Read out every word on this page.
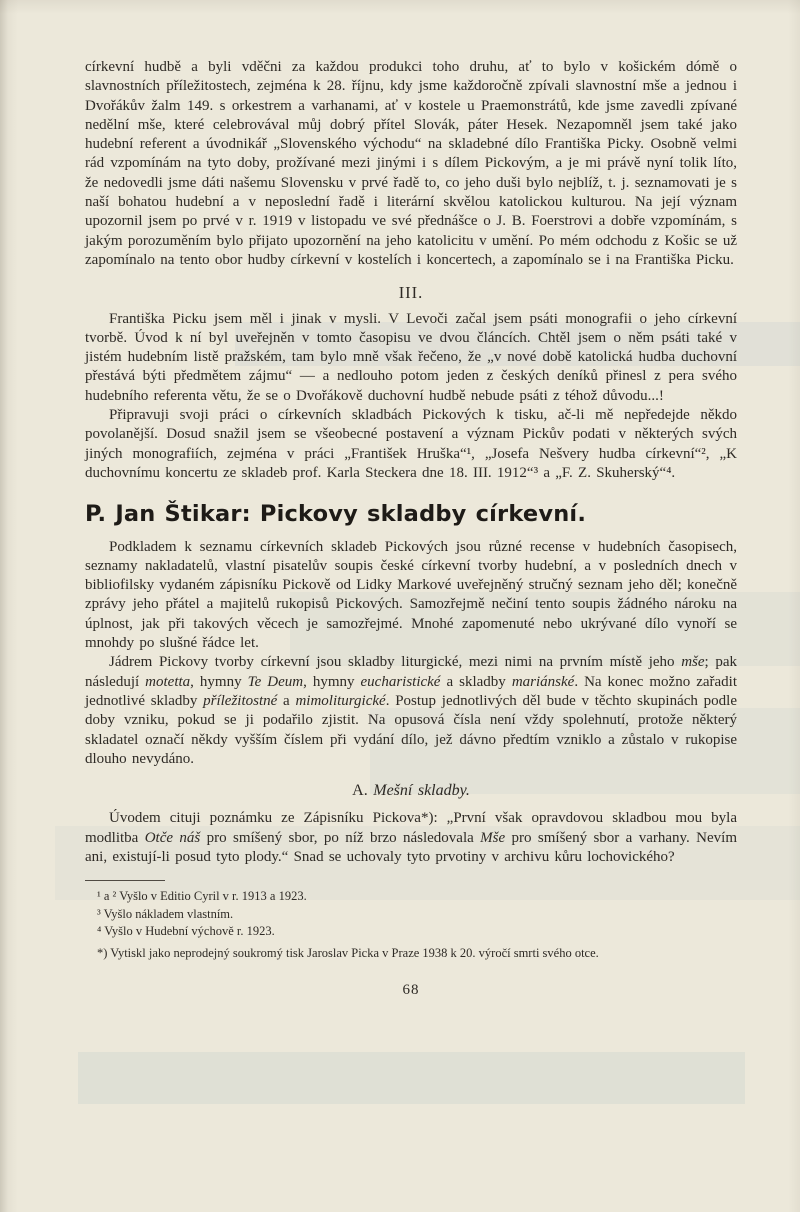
církevní hudbě a byli vděčni za každou produkci toho druhu, ať to bylo v košickém dómě o slavnostních příležitostech, zejména k 28. říjnu, kdy jsme každoročně zpívali slavnostní mše a jednou i Dvořákův žalm 149. s orkestrem a varhanami, ať v kostele u Praemonstrátů, kde jsme zavedli zpívané nedělní mše, které celebrovával můj dobrý přítel Slovák, páter Hesek. Nezapomněl jsem také jako hudební referent a úvodnikář „Slovenského východu“ na skladebné dílo Františka Picky. Osobně velmi rád vzpomínám na tyto doby, prožívané mezi jinými i s dílem Pickovým, a je mi právě nyní tolik líto, že nedovedli jsme dáti našemu Slovensku v prvé řadě to, co jeho duši bylo nejblíž, t. j. seznamovati je s naší bohatou hudební a v neposlední řadě i literární skvělou katolickou kulturou. Na její význam upozornil jsem po prvé v r. 1919 v listopadu ve své přednášce o J. B. Foerstrovi a dobře vzpomínám, s jakým porozuměním bylo přijato upozornění na jeho katolicitu v umění. Po mém odchodu z Košic se už zapomínalo na tento obor hudby církevní v kostelích i koncertech, a zapomínalo se i na Františka Picku.

III.

Františka Picku jsem měl i jinak v mysli. V Levoči začal jsem psáti monografii o jeho církevní tvorbě. Úvod k ní byl uveřejněn v tomto časopisu ve dvou článcích. Chtěl jsem o něm psáti také v jistém hudebním listě pražském, tam bylo mně však řečeno, že „v nové době katolická hudba duchovní přestává býti předmětem zájmu“ — a nedlouho potom jeden z českých deníků přinesl z pera svého hudebního referenta větu, že se o Dvořákově duchovní hudbě nebude psáti z téhož důvodu...!

Připravuji svoji práci o církevních skladbách Pickových k tisku, ač-li mě nepředejde někdo povolanější. Dosud snažil jsem se všeobecné postavení a význam Pickův podati v některých svých jiných monografiích, zejména v práci „František Hruška“¹, „Josefa Nešvery hudba církevní“², „K duchovnímu koncertu ze skladeb prof. Karla Steckera dne 18. III. 1912“³ a „F. Z. Skuherský“⁴.

P. Jan Štikar: Pickovy skladby církevní.

Podkladem k seznamu církevních skladeb Pickových jsou různé recense v hudebních časopisech, seznamy nakladatelů, vlastní pisatelův soupis české církevní tvorby hudební, a v posledních dnech v bibliofilsky vydaném zápisníku Pickově od Lidky Markové uveřejněný stručný seznam jeho děl; konečně zprávy jeho přátel a majitelů rukopisů Pickových. Samozřejmě nečiní tento soupis žádného nároku na úplnost, jak při takových věcech je samozřejmé. Mnohé zapomenuté nebo ukrývané dílo vynoří se mnohdy po slušné řádce let.

Jádrem Pickovy tvorby církevní jsou skladby liturgické, mezi nimi na prvním místě jeho mše; pak následují motetta, hymny Te Deum, hymny eucharistické a skladby mariánské. Na konec možno zařadit jednotlivé skladby příležitostné a mimoliturgické. Postup jednotlivých děl bude v těchto skupinách podle doby vzniku, pokud se ji podařilo zjistit. Na opusová čísla není vždy spolehnutí, protože některý skladatel označí někdy vyšším číslem při vydání dílo, jež dávno předtím vzniklo a zůstalo v rukopise dlouho nevydáno.

A. Mešní skladby.

Úvodem cituji poznámku ze Zápisníku Pickova*): „První však opravdovou skladbou mou byla modlitba Otče náš pro smíšený sbor, po níž brzo následovala Mše pro smíšený sbor a varhany. Nevím ani, existují-li posud tyto plody.“ Snad se uchovaly tyto prvotiny v archivu kůru lochovického?

¹ a ² Vyšlo v Editio Cyril v r. 1913 a 1923.
³ Vyšlo nákladem vlastním.
⁴ Vyšlo v Hudební výchově r. 1923.
*) Vytiskl jako neprodejný soukromý tisk Jaroslav Picka v Praze 1938 k 20. výročí smrti svého otce.
68
